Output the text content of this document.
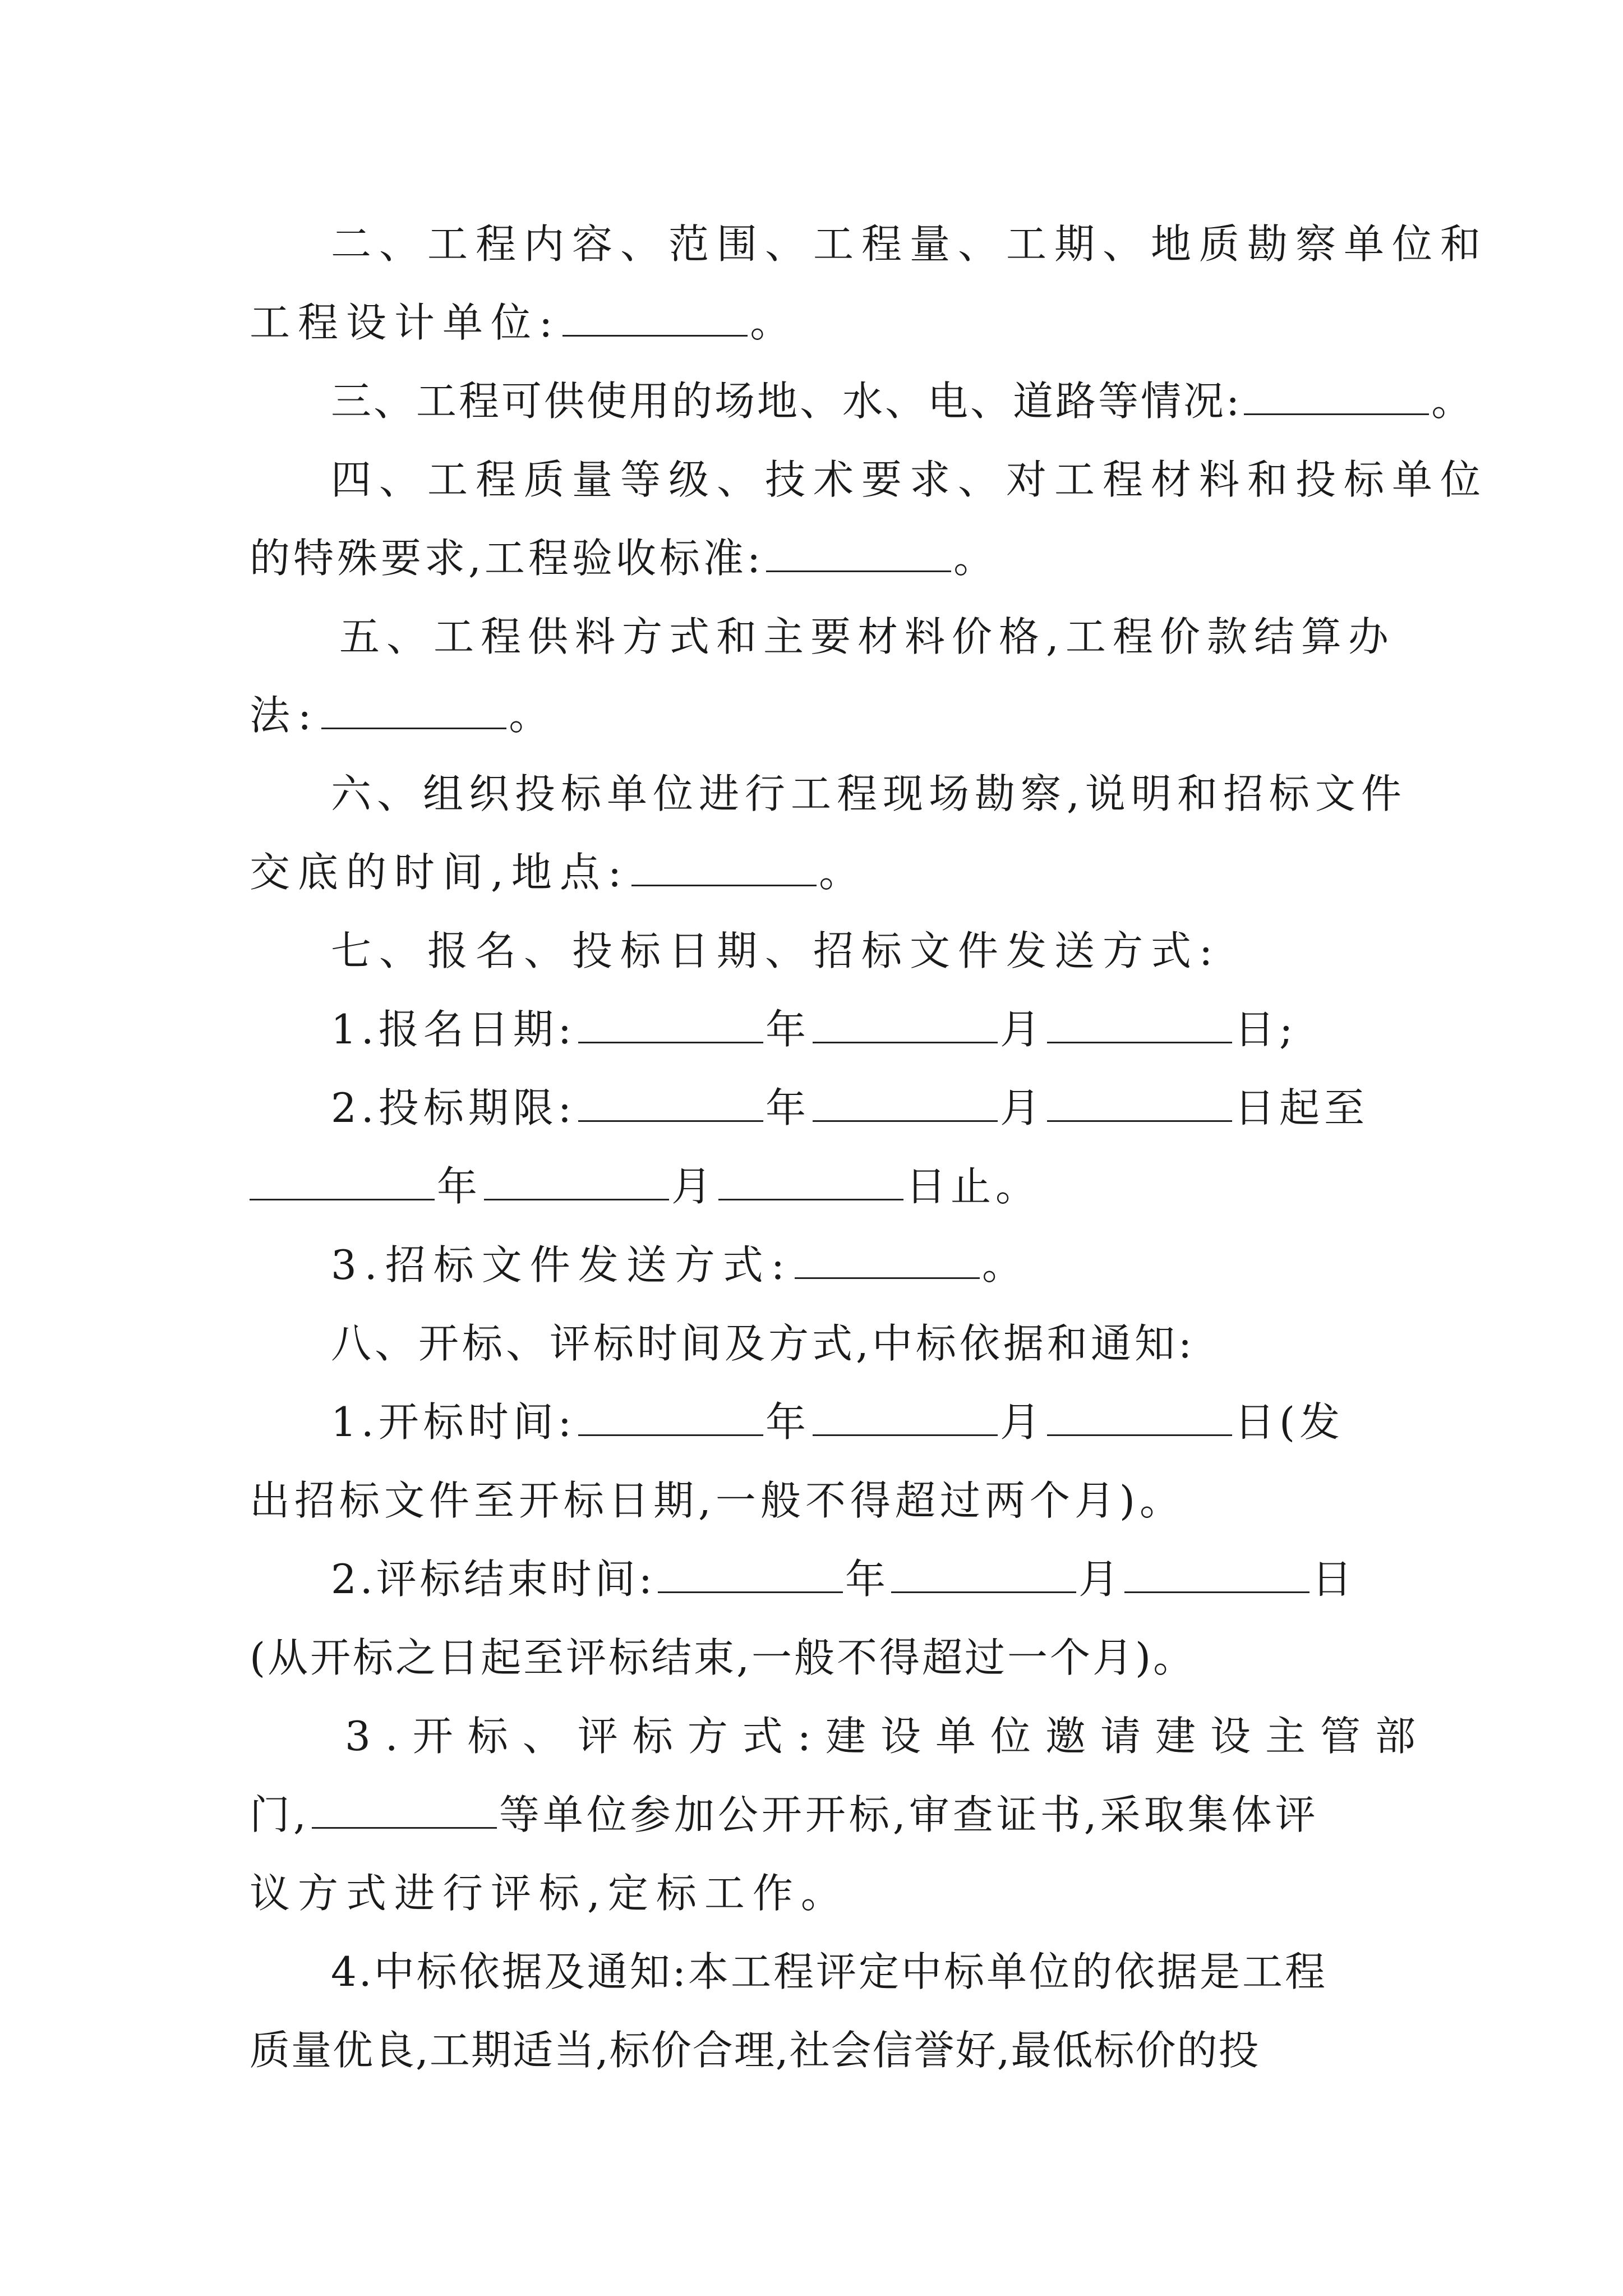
二、工程内容、范围、工程量、工期、地质勘察单位和
工程设计单位:	。
三、工程可供使用的场地、水、电、道路等情况:	。
四、工程质量等级、技术要求、对工程材料和投标单位
的特殊要求,工程验收标准:	。
五、工程供料方式和主要材料价格,工程价款结算办
法:	。
六、组织投标单位进行工程现场勘察,说明和招标文件
交底的时间,地点:	。
七、报名、投标日期、招标文件发送方式:
1.报名日期:	年	月	日;
2.投标期限:	年	月	日起至
年	月	日止。
3.招标文件发送方式:	。
八、开标、评标时间及方式,中标依据和通知:
1.开标时间:	年	月	日(发
出招标文件至开标日期,一般不得超过两个月)。
2.评标结束时间:	年	月	日
(从开标之日起至评标结束,一般不得超过一个月)。
3.开标、评标方式:建设单位邀请建设主管部
门,	等单位参加公开开标,审查证书,采取集体评
议方式进行评标,定标工作。
4.中标依据及通知:本工程评定中标单位的依据是工程
质量优良,工期适当,标价合理,社会信誉好,最低标价的投
